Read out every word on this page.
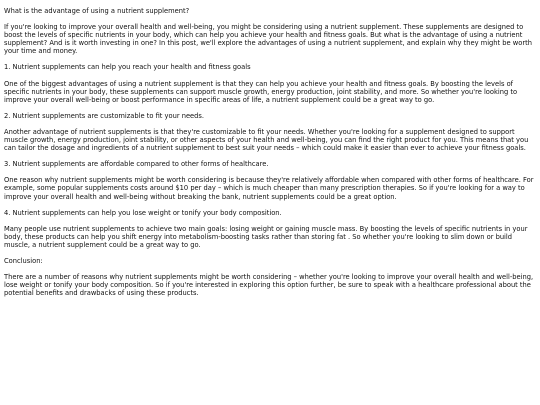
What is the advantage of using a nutrient supplement?

If you're looking to improve your overall health and well-being, you might be considering using a nutrient supplement. These supplements are designed to boost the levels of specific nutrients in your body, which can help you achieve your health and fitness goals. But what is the advantage of using a nutrient supplement? And is it worth investing in one? In this post, we'll explore the advantages of using a nutrient supplement, and explain why they might be worth your time and money.

1. Nutrient supplements can help you reach your health and fitness goals

One of the biggest advantages of using a nutrient supplement is that they can help you achieve your health and fitness goals. By boosting the levels of specific nutrients in your body, these supplements can support muscle growth, energy production, joint stability, and more. So whether you're looking to improve your overall well-being or boost performance in specific areas of life, a nutrient supplement could be a great way to go.

2. Nutrient supplements are customizable to fit your needs.

Another advantage of nutrient supplements is that they're customizable to fit your needs. Whether you're looking for a supplement designed to support muscle growth, energy production, joint stability, or other aspects of your health and well-being, you can find the right product for you. This means that you can tailor the dosage and ingredients of a nutrient supplement to best suit your needs – which could make it easier than ever to achieve your fitness goals.

3. Nutrient supplements are affordable compared to other forms of healthcare.

One reason why nutrient supplements might be worth considering is because they're relatively affordable when compared with other forms of healthcare. For example, some popular supplements costs around $10 per day – which is much cheaper than many prescription therapies. So if you're looking for a way to improve your overall health and well-being without breaking the bank, nutrient supplements could be a great option.

4. Nutrient supplements can help you lose weight or tonify your body composition.

Many people use nutrient supplements to achieve two main goals: losing weight or gaining muscle mass. By boosting the levels of specific nutrients in your body, these products can help you shift energy into metabolism-boosting tasks rather than storing fat . So whether you're looking to slim down or build muscle, a nutrient supplement could be a great way to go.

Conclusion:

There are a number of reasons why nutrient supplements might be worth considering – whether you're looking to improve your overall health and well-being, lose weight or tonify your body composition. So if you're interested in exploring this option further, be sure to speak with a healthcare professional about the potential benefits and drawbacks of using these products.
